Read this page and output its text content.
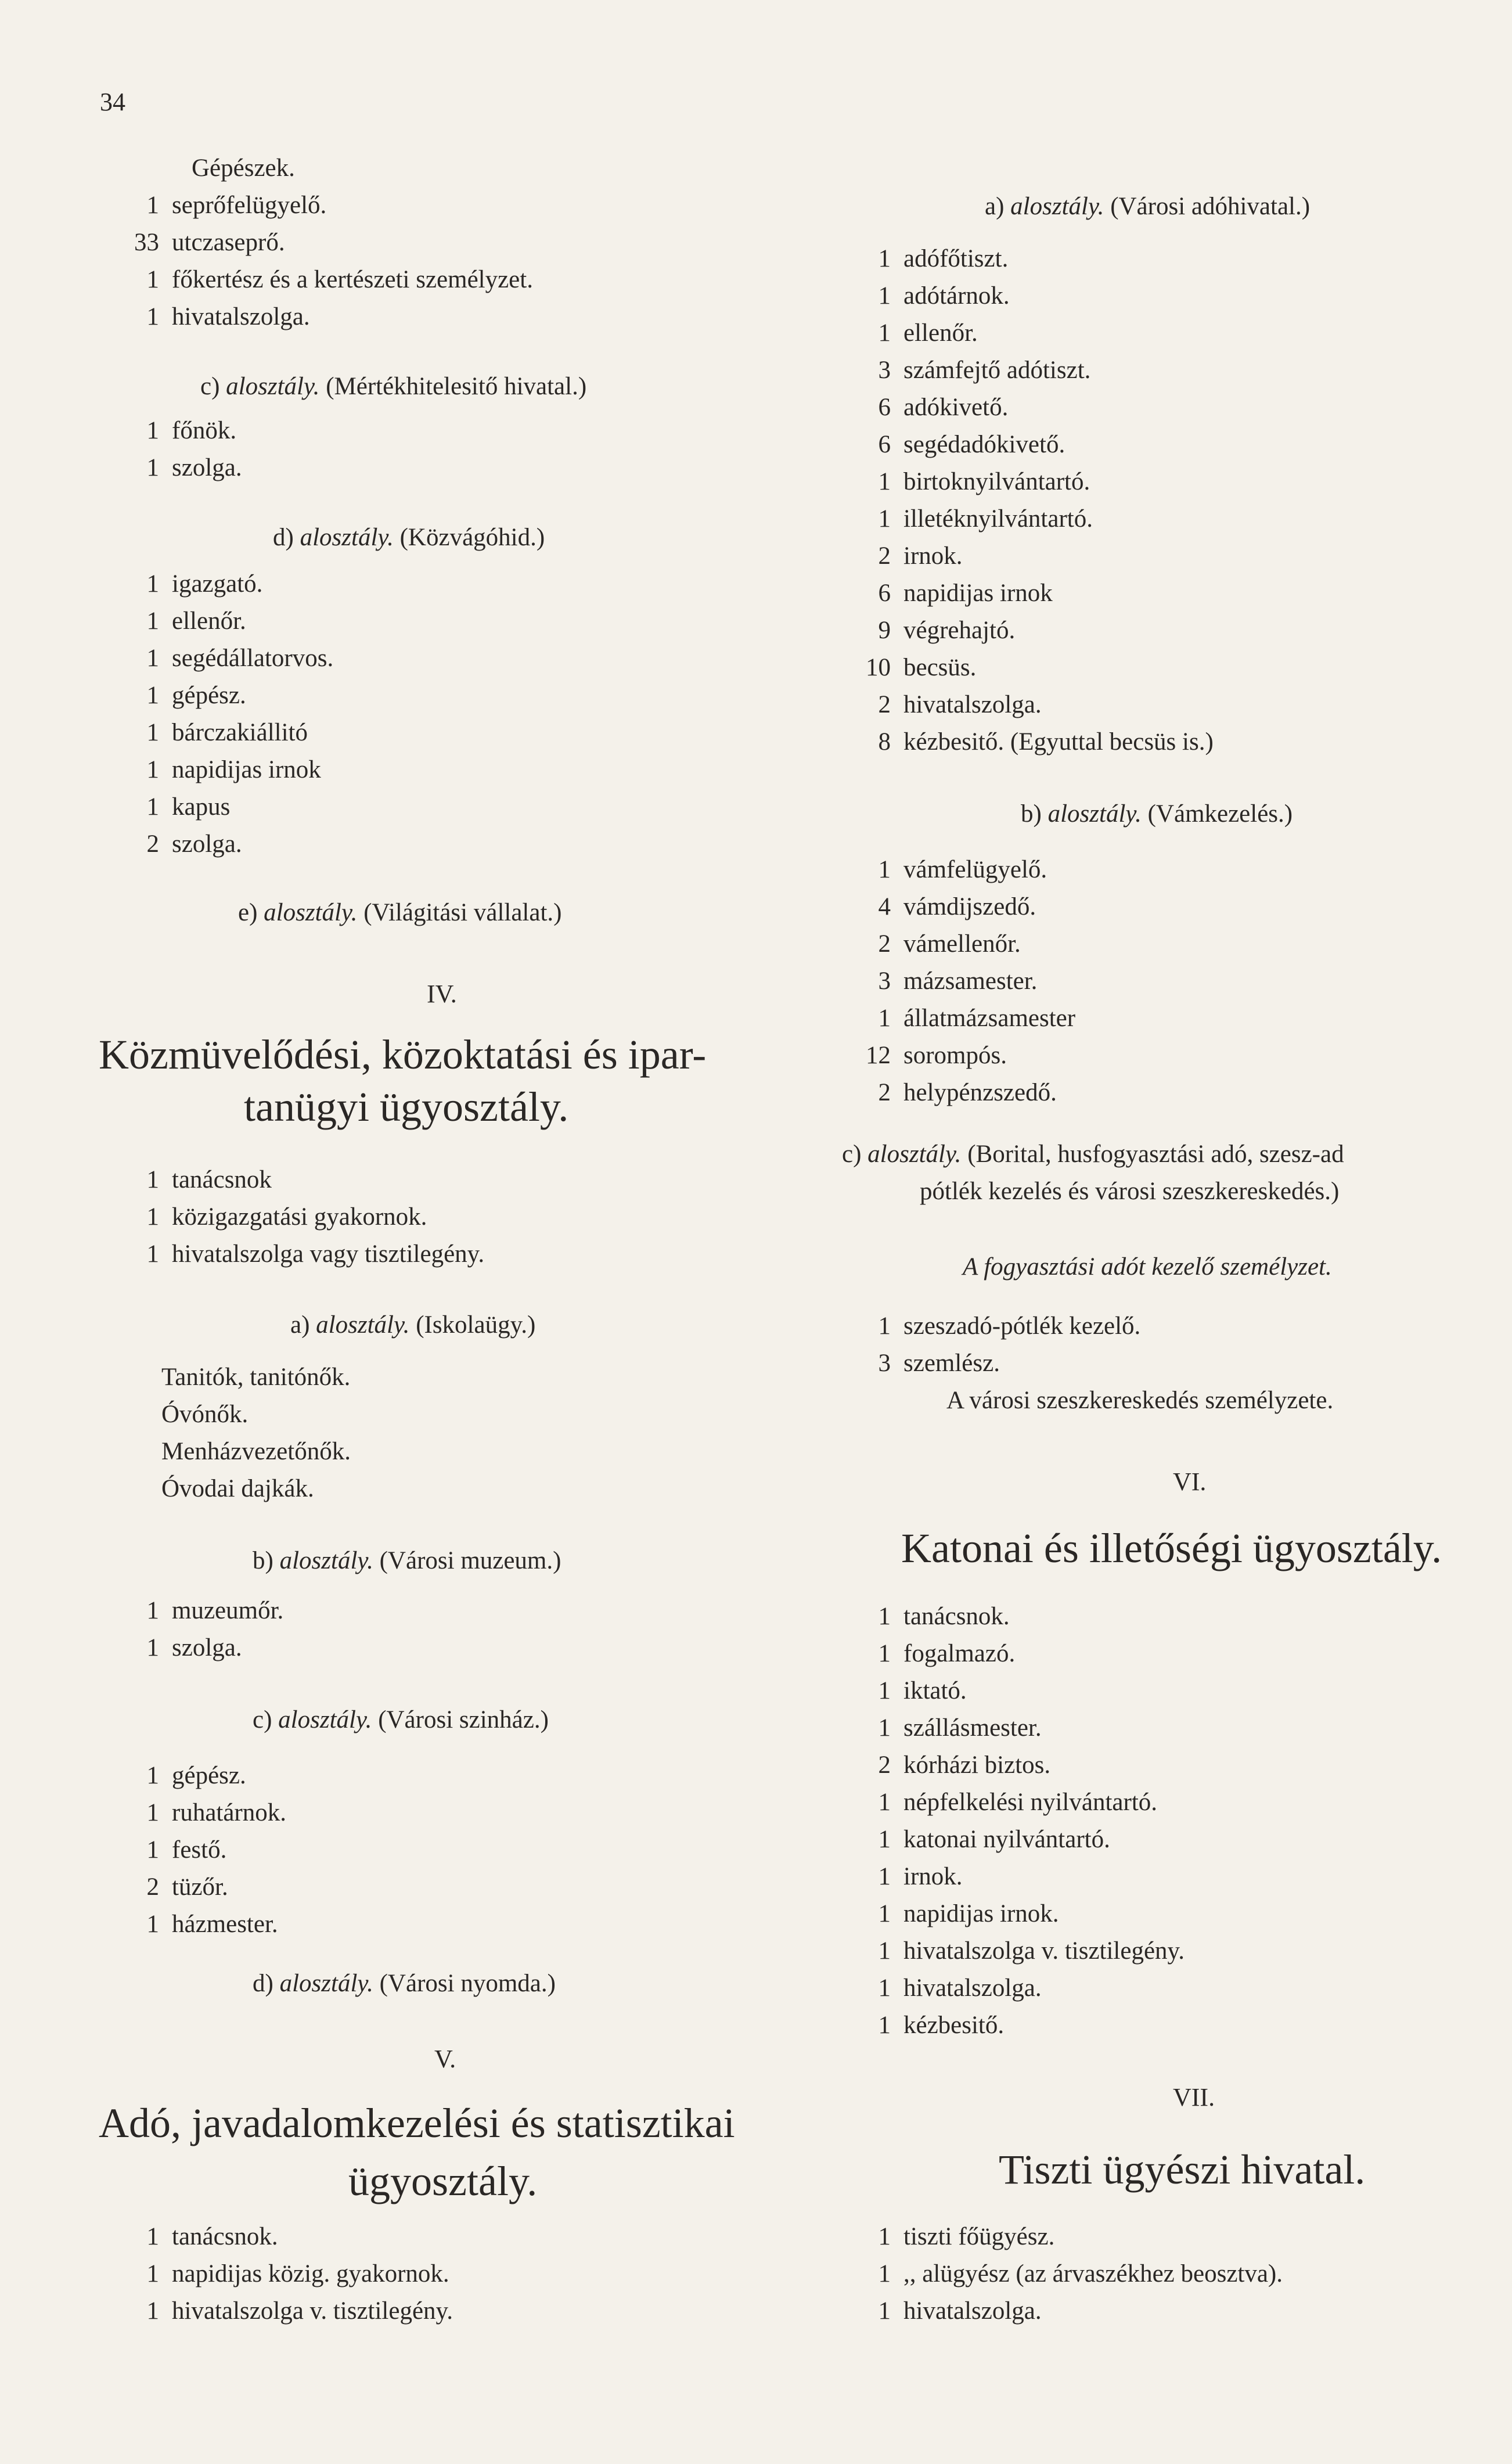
34
Gépészek.
1 seprőfelügyelő.
33 utczaseprő.
1 főkertész és a kertészeti személyzet.
1 hivatalszolga.
c) alosztály. (Mértékhitelesitő hivatal.)
1 főnök.
1 szolga.
d) alosztály. (Közvágóhid.)
1 igazgató.
1 ellenőr.
1 segédállatorvos.
1 gépész.
1 bárczakiállitó
1 napidijas irnok
1 kapus
2 szolga.
e) alosztály. (Világitási vállalat.)
IV.
Közmüvelődési, közoktatási és ipar-
tanügyi ügyosztály.
1 tanácsnok
1 közigazgatási gyakornok.
1 hivatalszolga vagy tisztilegény.
a) alosztály. (Iskolaügy.)
Tanitók, tanitónők.
Óvónők.
Menházvezetőnők.
Óvodai dajkák.
b) alosztály. (Városi muzeum.)
1 muzeumőr.
1 szolga.
c) alosztály. (Városi szinház.)
1 gépész.
1 ruhatárnok.
1 festő.
2 tüzőr.
1 házmester.
d) alosztály. (Városi nyomda.)
V.
Adó, javadalomkezelési és statisztikai
ügyosztály.
1 tanácsnok.
1 napidijas közig. gyakornok.
1 hivatalszolga v. tisztilegény.
a) alosztály. (Városi adóhivatal.)
1 adófőtiszt.
1 adótárnok.
1 ellenőr.
3 számfejtő adótiszt.
6 adókivető.
6 segédadókivető.
1 birtoknyilvántartó.
1 illetéknyilvántartó.
2 irnok.
6 napidijas irnok
9 végrehajtó.
10 becsüs.
2 hivatalszolga.
8 kézbesitő. (Egyuttal becsüs is.)
b) alosztály. (Vámkezelés.)
1 vámfelügyelő.
4 vámdijszedő.
2 vámellenőr.
3 mázsamester.
1 állatmázsamester
12 sorompós.
2 helypénzszedő.
c) alosztály. (Borital, husfogyasztási adó, szesz-ad
pótlék kezelés és városi szeszkereskedés.)
A fogyasztási adót kezelő személyzet.
1 szeszadó-pótlék kezelő.
3 szemlész.
A városi szeszkereskedés személyzete.
VI.
Katonai és illetőségi ügyosztály.
1 tanácsnok.
1 fogalmazó.
1 iktató.
1 szállásmester.
2 kórházi biztos.
1 népfelkelési nyilvántartó.
1 katonai nyilvántartó.
1 irnok.
1 napidijas irnok.
1 hivatalszolga v. tisztilegény.
1 hivatalszolga.
1 kézbesitő.
VII.
Tiszti ügyészi hivatal.
1 tiszti főügyész.
1 ,, alügyész (az árvaszékhez beosztva).
1 hivatalszolga.
